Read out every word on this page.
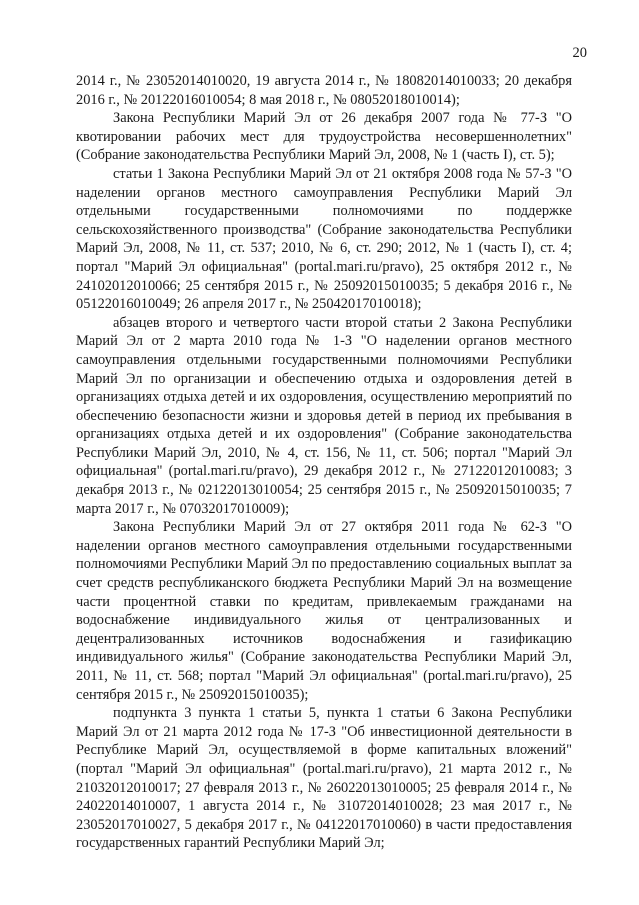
20

2014 г., № 23052014010020, 19 августа 2014 г., № 18082014010033; 20 декабря 2016 г., № 20122016010054; 8 мая 2018 г., № 08052018010014);

Закона Республики Марий Эл от 26 декабря 2007 года № 77-З "О квотировании рабочих мест для трудоустройства несовершеннолетних" (Собрание законодательства Республики Марий Эл, 2008, № 1 (часть I), ст. 5);

статьи 1 Закона Республики Марий Эл от 21 октября 2008 года № 57-З "О наделении органов местного самоуправления Республики Марий Эл отдельными государственными полномочиями по поддержке сельскохозяйственного производства" (Собрание законодательства Республики Марий Эл, 2008, № 11, ст. 537; 2010, № 6, ст. 290; 2012, № 1 (часть I), ст. 4; портал "Марий Эл официальная" (portal.mari.ru/pravo), 25 октября 2012 г., № 24102012010066; 25 сентября 2015 г., № 25092015010035; 5 декабря 2016 г., № 05122016010049; 26 апреля 2017 г., № 25042017010018);

абзацев второго и четвертого части второй статьи 2 Закона Республики Марий Эл от 2 марта 2010 года № 1-З "О наделении органов местного самоуправления отдельными государственными полномочиями Республики Марий Эл по организации и обеспечению отдыха и оздоровления детей в организациях отдыха детей и их оздоровления, осуществлению мероприятий по обеспечению безопасности жизни и здоровья детей в период их пребывания в организациях отдыха детей и их оздоровления" (Собрание законодательства Республики Марий Эл, 2010, № 4, ст. 156, № 11, ст. 506; портал "Марий Эл официальная" (portal.mari.ru/pravo), 29 декабря 2012 г., № 27122012010083; 3 декабря 2013 г., № 02122013010054; 25 сентября 2015 г., № 25092015010035; 7 марта 2017 г., № 07032017010009);

Закона Республики Марий Эл от 27 октября 2011 года № 62-З "О наделении органов местного самоуправления отдельными государственными полномочиями Республики Марий Эл по предоставлению социальных выплат за счет средств республиканского бюджета Республики Марий Эл на возмещение части процентной ставки по кредитам, привлекаемым гражданами на водоснабжение индивидуального жилья от централизованных и децентрализованных источников водоснабжения и газификацию индивидуального жилья" (Собрание законодательства Республики Марий Эл, 2011, № 11, ст. 568; портал "Марий Эл официальная" (portal.mari.ru/pravo), 25 сентября 2015 г., № 25092015010035);

подпункта 3 пункта 1 статьи 5, пункта 1 статьи 6 Закона Республики Марий Эл от 21 марта 2012 года № 17-З "Об инвестиционной деятельности в Республике Марий Эл, осуществляемой в форме капитальных вложений" (портал "Марий Эл официальная" (portal.mari.ru/pravo), 21 марта 2012 г., № 21032012010017; 27 февраля 2013 г., № 26022013010005; 25 февраля 2014 г., № 24022014010007, 1 августа 2014 г., № 31072014010028; 23 мая 2017 г., № 23052017010027, 5 декабря 2017 г., № 04122017010060) в части предоставления государственных гарантий Республики Марий Эл;
